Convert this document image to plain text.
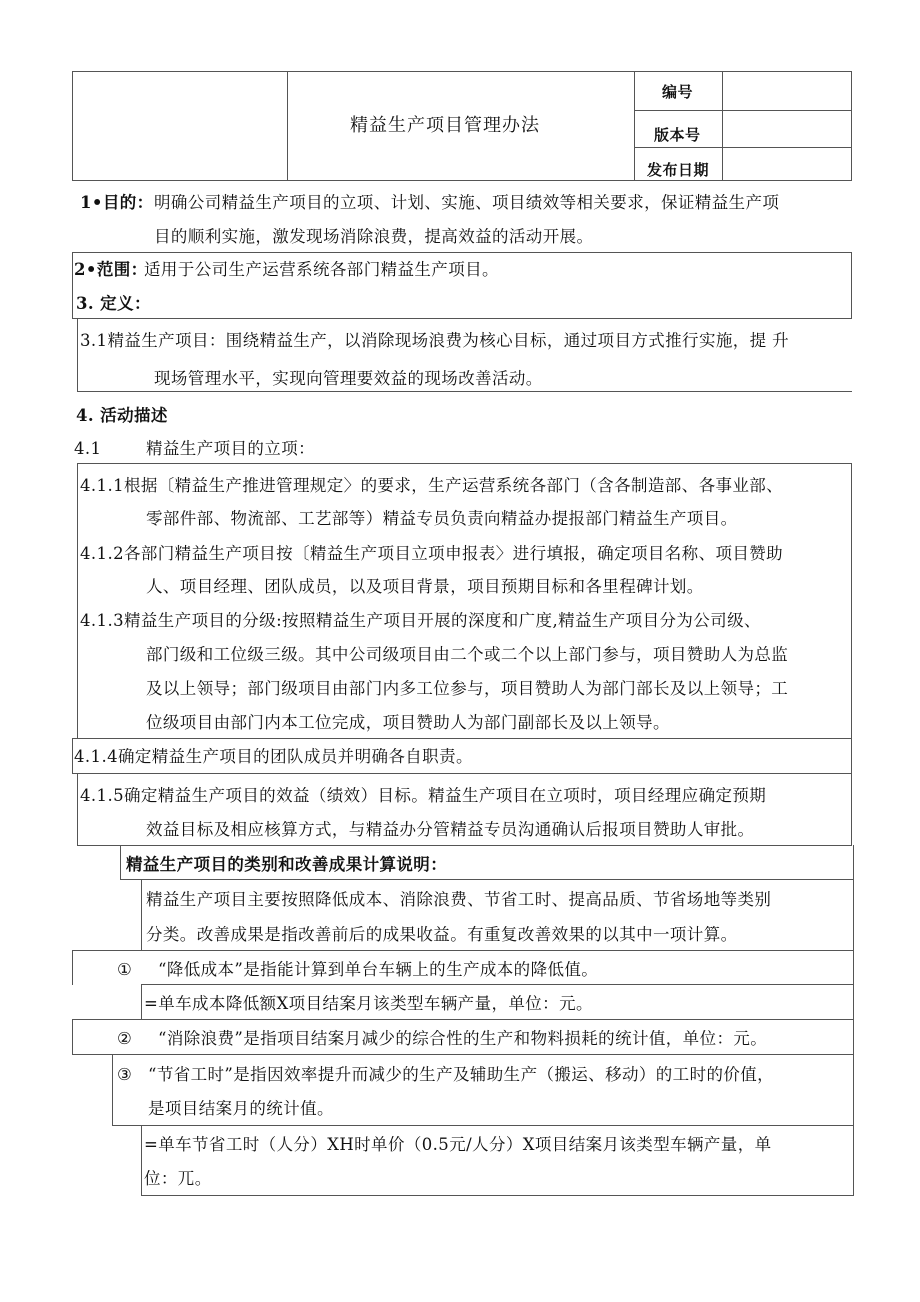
精益生产项目管理办法
编号
版本号
发布日期
1•目的： 明确公司精益生产项目的立项、计划、实施、项目绩效等相关要求，保证精益生产项
目的顺利实施，激发现场消除浪费，提高效益的活动开展。
2•范围：
适用于公司生产运营系统各部门精益生产项目。
3. 定义：
3.1精益生产项目：围绕精益生产，以消除现场浪费为核心目标，通过项目方式推行实施，提 升
现场管理水平，实现向管理要效益的现场改善活动。
4. 活动描述
4.1	精益生产项目的立项：
4.1.1根据〔精益生产推进管理规定〉的要求，生产运营系统各部门（含各制造部、各事业部、
零部件部、物流部、工艺部等）精益专员负责向精益办提报部门精益生产项目。
4.1.2各部门精益生产项目按〔精益生产项目立项申报表〉进行填报，确定项目名称、项目赞助
人、项目经理、团队成员，以及项目背景，项目预期目标和各里程碑计划。
4.1.3精益生产项目的分级:按照精益生产项目开展的深度和广度,精益生产项目分为公司级、
部门级和工位级三级。其中公司级项目由二个或二个以上部门参与，项目赞助人为总监
及以上领导；部门级项目由部门内多工位参与，项目赞助人为部门部长及以上领导；工
位级项目由部门内本工位完成，项目赞助人为部门副部长及以上领导。
4.1.4确定精益生产项目的团队成员并明确各自职责。
4.1.5确定精益生产项目的效益（绩效）目标。精益生产项目在立项时，项目经理应确定预期
效益目标及相应核算方式，与精益办分管精益专员沟通确认后报项目赞助人审批。
精益生产项目的类别和改善成果计算说明：
精益生产项目主要按照降低成本、消除浪费、节省工时、提高品质、节省场地等类别
分类。改善成果是指改善前后的成果收益。有重复改善效果的以其中一项计算。
① “降低成本”是指能计算到单台车辆上的生产成本的降低值。
=单车成本降低额X项目结案月该类型车辆产量，单位：元。
② “消除浪费”是指项目结案月减少的综合性的生产和物料损耗的统计值，单位：元。
③ “节省工时”是指因效率提升而减少的生产及辅助生产（搬运、移动）的工时的价值，
是项目结案月的统计值。
=单车节省工时（人分）XH时单价（0.5元/人分）X项目结案月该类型车辆产量，单
位：兀。
